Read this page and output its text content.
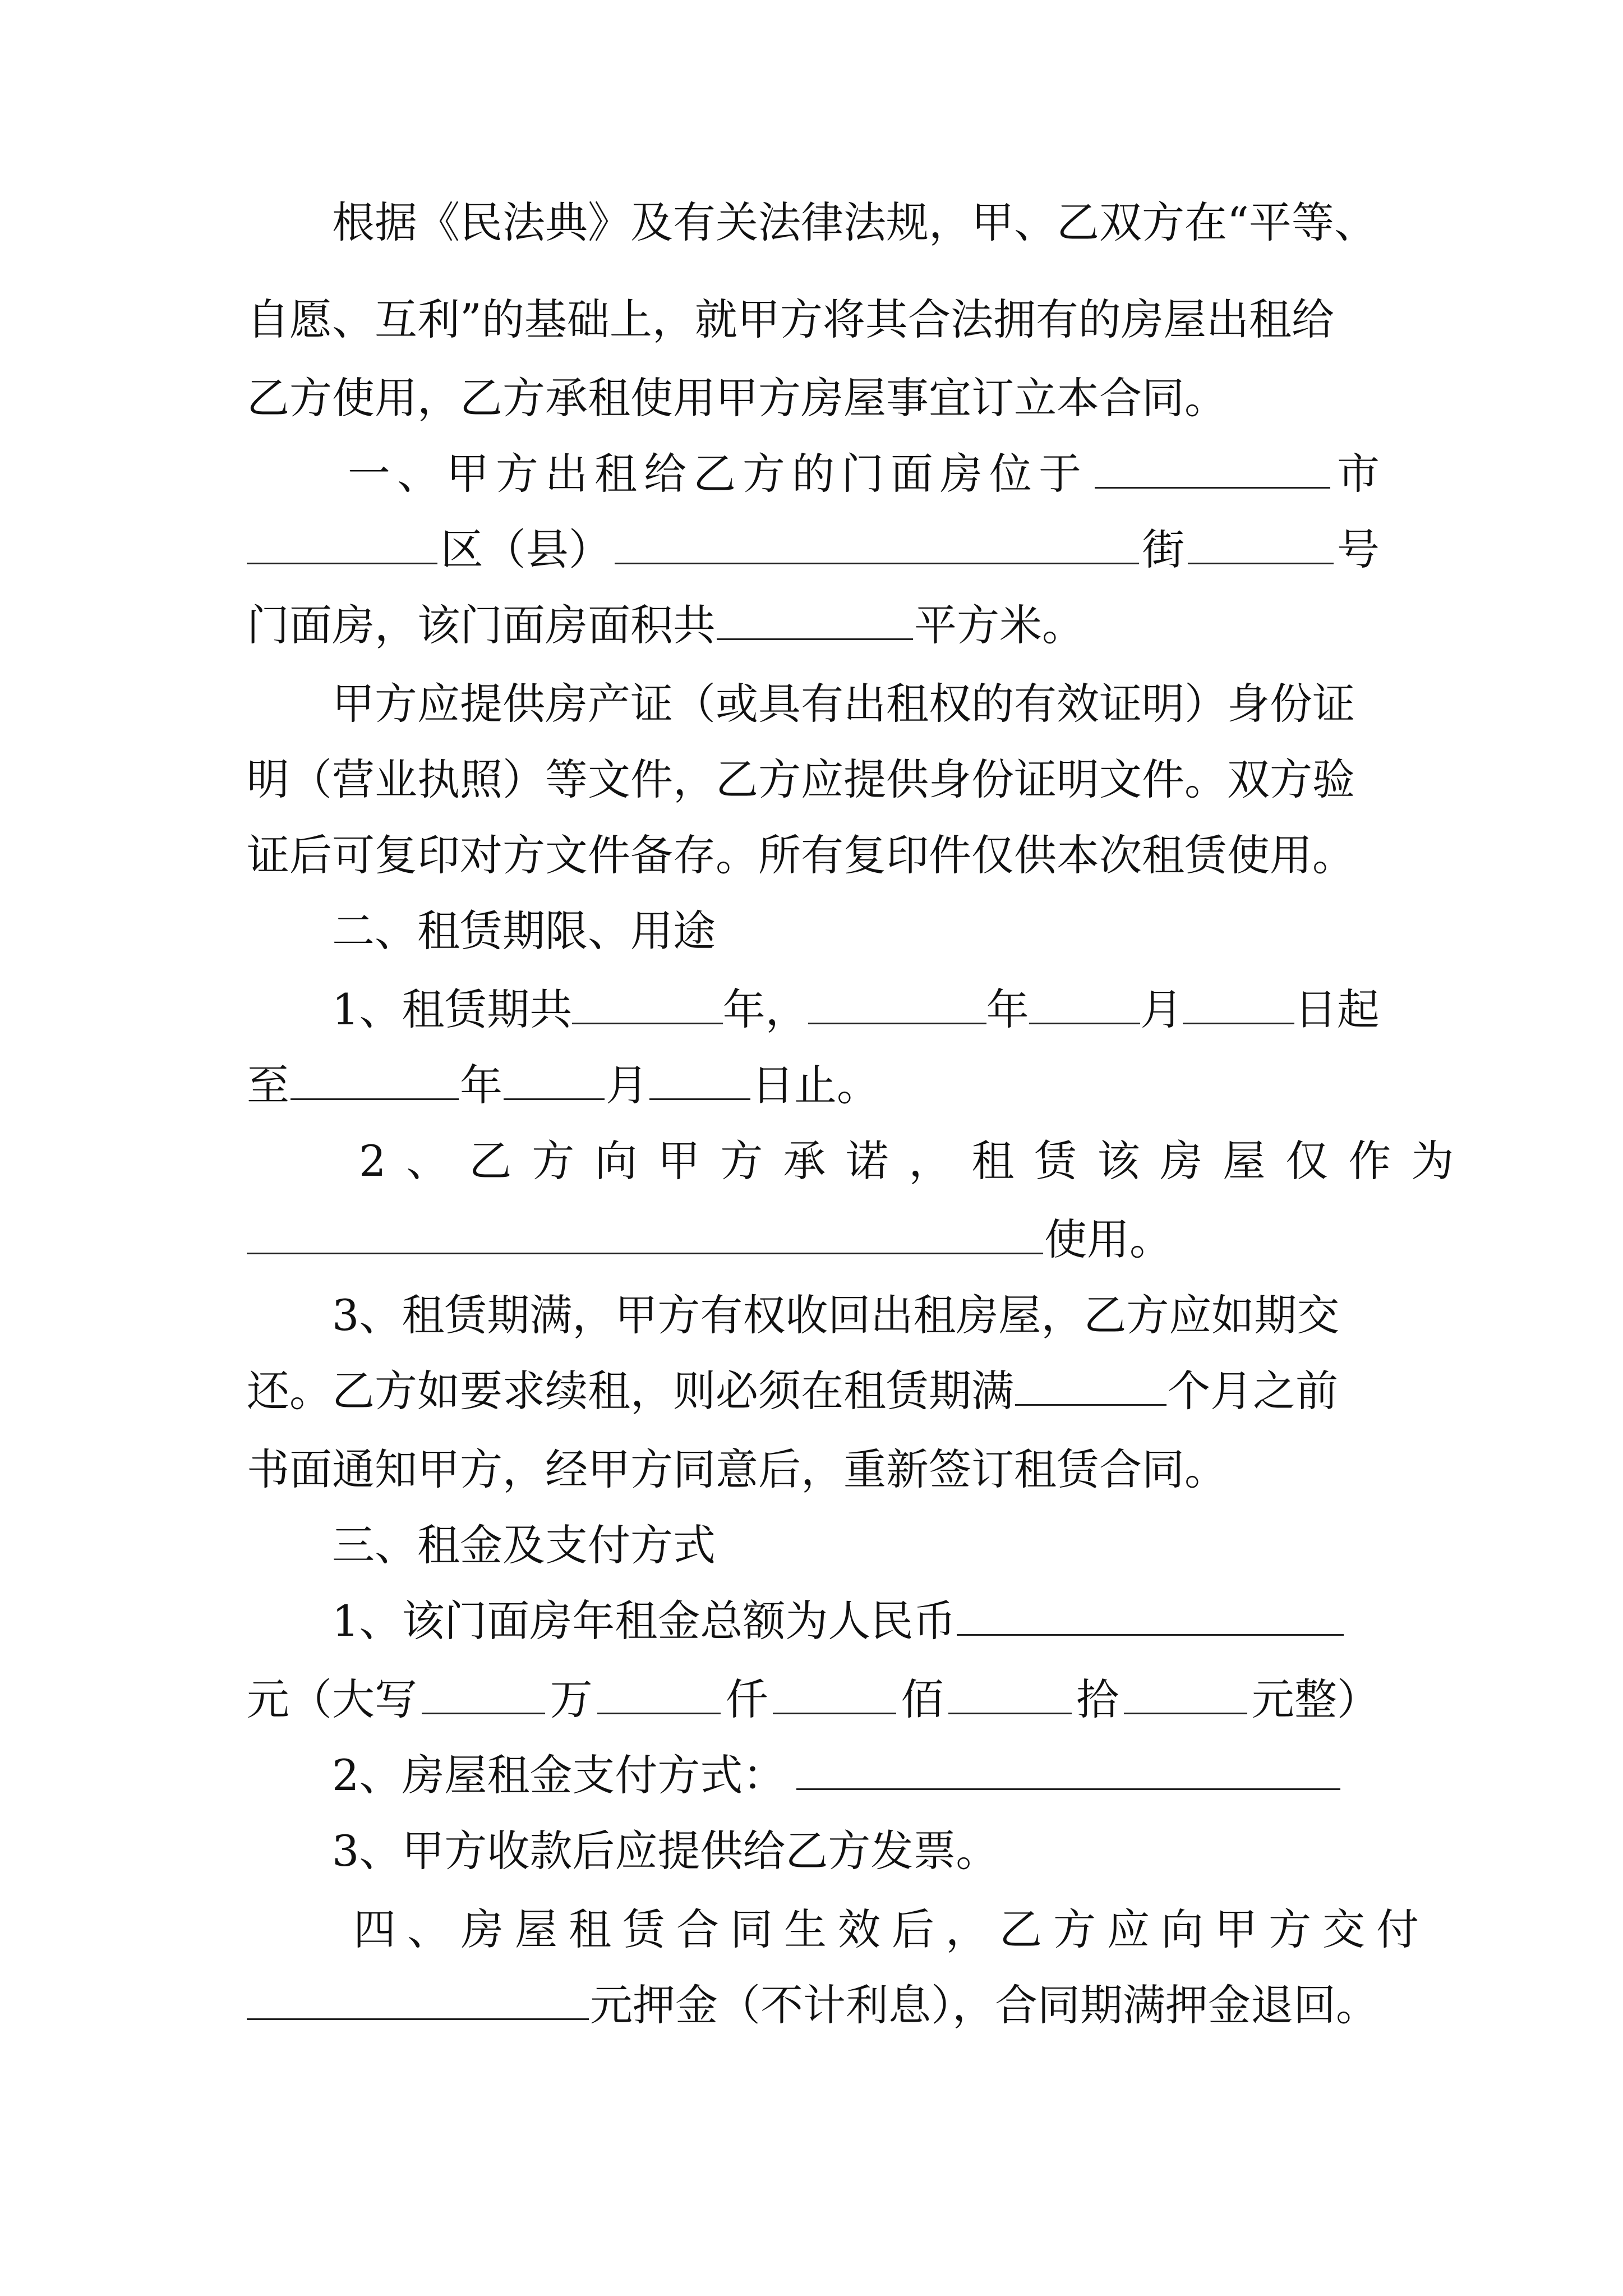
根据《民法典》及有关法律法规，甲、乙双方在“平等、
自愿、互利”的基础上，就甲方将其合法拥有的房屋出租给
乙方使用，乙方承租使用甲方房屋事宜订立本合同。
一、甲方出租给乙方的门面房位于	市
区（县）	街	号
门面房，该门面房面积共	平方米。
甲方应提供房产证（或具有出租权的有效证明）身份证
明（营业执照）等文件，乙方应提供身份证明文件。双方验
证后可复印对方文件备存。所有复印件仅供本次租赁使用。
二、租赁期限、用途
1、租赁期共	年，	年	月	日起
至	年 月 日止。
2、乙方向甲方承诺，租赁该房屋仅作为
使用。
3、租赁期满，甲方有权收回出租房屋，乙方应如期交
还。乙方如要求续租，则必须在租赁期满	个月之前
书面通知甲方，经甲方同意后，重新签订租赁合同。
三、租金及支付方式
1、该门面房年租金总额为人民币
元（大写	万	仟	佰	拾	元整）
2、房屋租金支付方式：
3、甲方收款后应提供给乙方发票。
四、房屋租赁合同生效后，乙方应向甲方交付
元押金（不计利息），合同期满押金退回。
